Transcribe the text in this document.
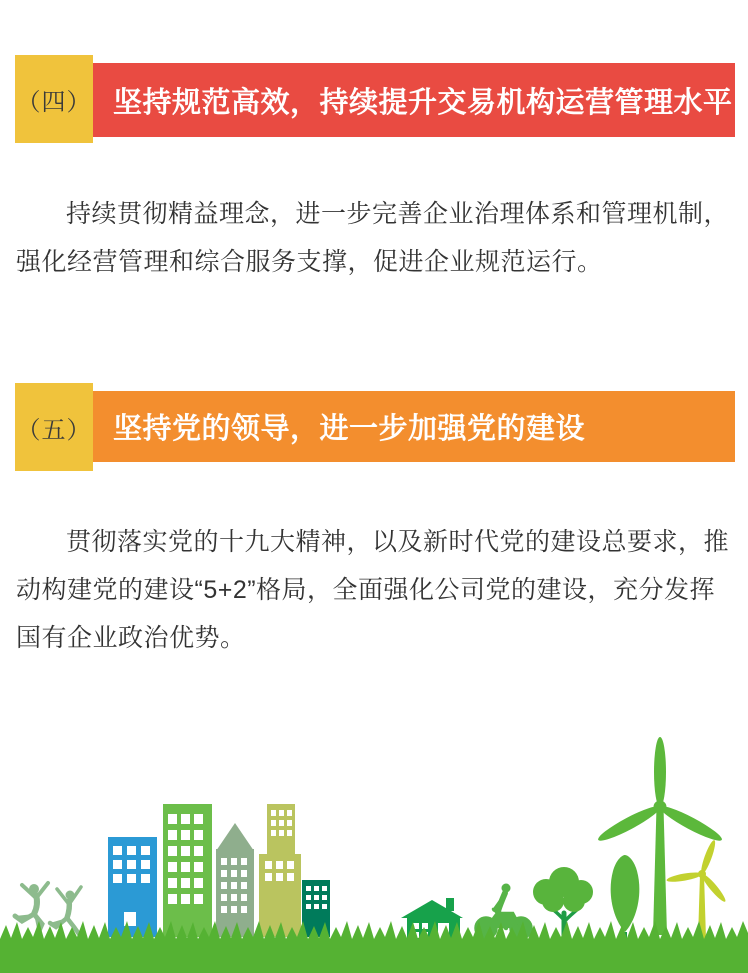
（四） 坚持规范高效，持续提升交易机构运营管理水平
持续贯彻精益理念，进一步完善企业治理体系和管理机制，
强化经营管理和综合服务支撑，促进企业规范运行。
（五） 坚持党的领导，进一步加强党的建设
贯彻落实党的十九大精神，以及新时代党的建设总要求，推
动构建党的建设“5+2”格局，全面强化公司党的建设，充分发挥
国有企业政治优势。
